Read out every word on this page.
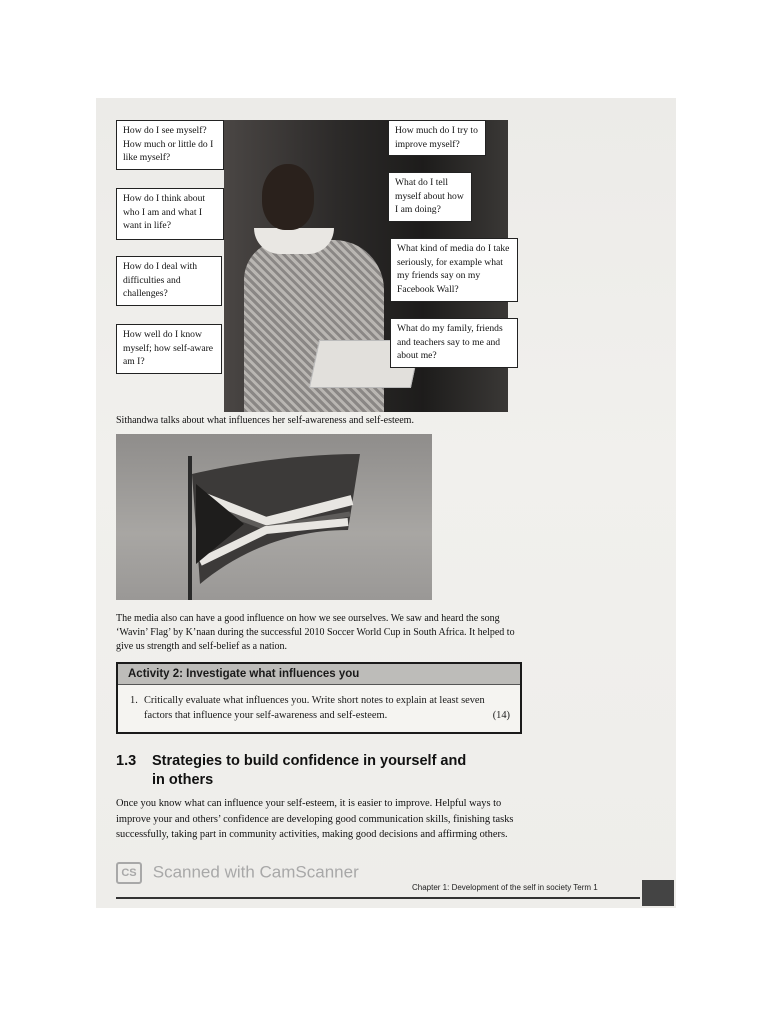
How do I see myself? How much or little do I like myself?
How do I think about who I am and what I want in life?
How do I deal with difficulties and challenges?
How well do I know myself; how self-aware am I?
How much do I try to improve myself?
What do I tell myself about how I am doing?
What kind of media do I take seriously, for example what my friends say on my Facebook Wall?
What do my family, friends and teachers say to me and about me?
Sithandwa talks about what influences her self-awareness and self-esteem.
The media also can have a good influence on how we see ourselves. We saw and heard the song ‘Wavin’ Flag’ by K’naan during the successful 2010 Soccer World Cup in South Africa. It helped to give us strength and self-belief as a nation.
Activity 2: Investigate what influences you
1. Critically evaluate what influences you. Write short notes to explain at least seven factors that influence your self-awareness and self-esteem.	(14)
1.3 Strategies to build confidence in yourself and in others
Once you know what can influence your self-esteem, it is easier to improve. Helpful ways to improve your and others’ confidence are developing good communication skills, finishing tasks successfully, taking part in community activities, making good decisions and affirming others.
CS Scanned with CamScanner
Chapter 1: Development of the self in society Term 1
